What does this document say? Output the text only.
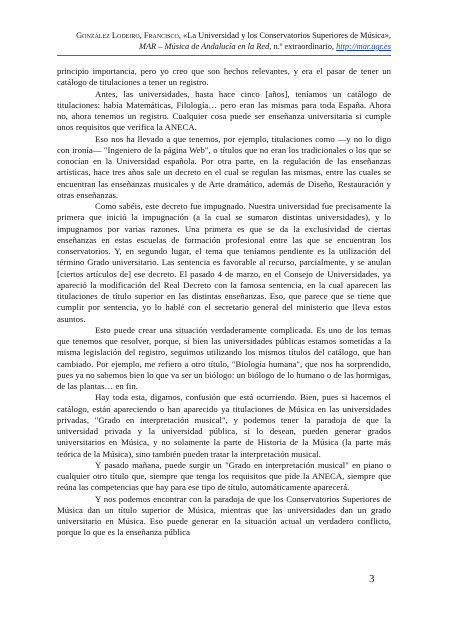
González Lodeiro, Francisco, «La Universidad y los Conservatorios Superiores de Música»,
MAR – Música de Andalucía en la Red, n.º extraordinario, http://mar.ugr.es

principio importancia, pero yo creo que son hechos relevantes, y era el pasar de tener un catálogo de titulaciones a tener un registro.

Antes, las universidades, hasta hace cinco [años], teníamos un catálogo de titulaciones: había Matemáticas, Filología… pero eran las mismas para toda España. Ahora no, ahora tenemos un registro. Cualquier cosa puede ser enseñanza universitaria si cumple unos requisitos que verifica la ANECA.

Eso nos ha llevado a que tenemos, por ejemplo, titulaciones como —y no lo digo con ironía— "Ingeniero de la página Web", o títulos que no eran los tradicionales o los que se conocían en la Universidad española. Por otra parte, en la regulación de las enseñanzas artísticas, hace tres años sale un decreto en el cual se regulan las mismas, entre las cuales se encuentran las enseñanzas musicales y de Arte dramático, además de Diseño, Restauración y otras enseñanzas.

Como sabéis, este decreto fue impugnado. Nuestra universidad fue precisamente la primera que inició la impugnación (a la cual se sumaron distintas universidades), y lo impugnamos por varias razones. Una primera es que se da la exclusividad de ciertas enseñanzas en estas escuelas de formación profesional entre las que se encuentran los conservatorios. Y, en segundo lugar, el tema que teníamos pendiente es la utilización del término Grado universitario. Las sentencia es favorable al recurso, parcialmente, y se anulan [ciertos artículos de] ese decreto. El pasado 4 de marzo, en el Consejo de Universidades, ya apareció la modificación del Real Decreto con la famosa sentencia, en la cual aparecen las titulaciones de título superior en las distintas enseñanzas. Eso, que parece que se tiene que cumplir por sentencia, yo lo hablé con el secretario general del ministerio que lleva estos asuntos.

Esto puede crear una situación verdaderamente complicada. Es uno de los temas que tenemos que resolver, porque, si bien las universidades públicas estamos sometidas a la misma legislación del registro, seguimos utilizando los mismos títulos del catálogo, que han cambiado. Por ejemplo, me refiero a otro título, "Biología humana", que nos ha sorprendido, pues ya no sabemos bien lo que va ser un biólogo: un biólogo de lo humano o de las hormigas, de las plantas… en fin.

Hay toda esta, digamos, confusión que está ocurriendo. Bien, pues si hacemos el catálogo, están apareciendo o han aparecido ya titulaciones de Música en las universidades privadas, "Grado en interpretación musical", y podemos tener la paradoja de que la universidad privada y la universidad pública, si lo desean, pueden generar grados universitarios en Música, y no solamente la parte de Historia de la Música (la parte más teórica de la Música), sino también pueden tratar la interpretación musical.

Y pasado mañana, puede surgir un "Grado en interpretación musical" en piano o cualquier otro título que, siempre que tenga los requisitos que pide la ANECA, siempre que reúna las competencias que hay para ese tipo de título, automáticamente aparecerá.

Y nos podemos encontrar con la paradoja de que los Conservatorios Superiores de Música dan un título superior de Música, mientras que las universidades dan un grado universitario en Música. Eso puede generar en la situación actual un verdadero conflicto, porque lo que es la enseñanza pública

3
